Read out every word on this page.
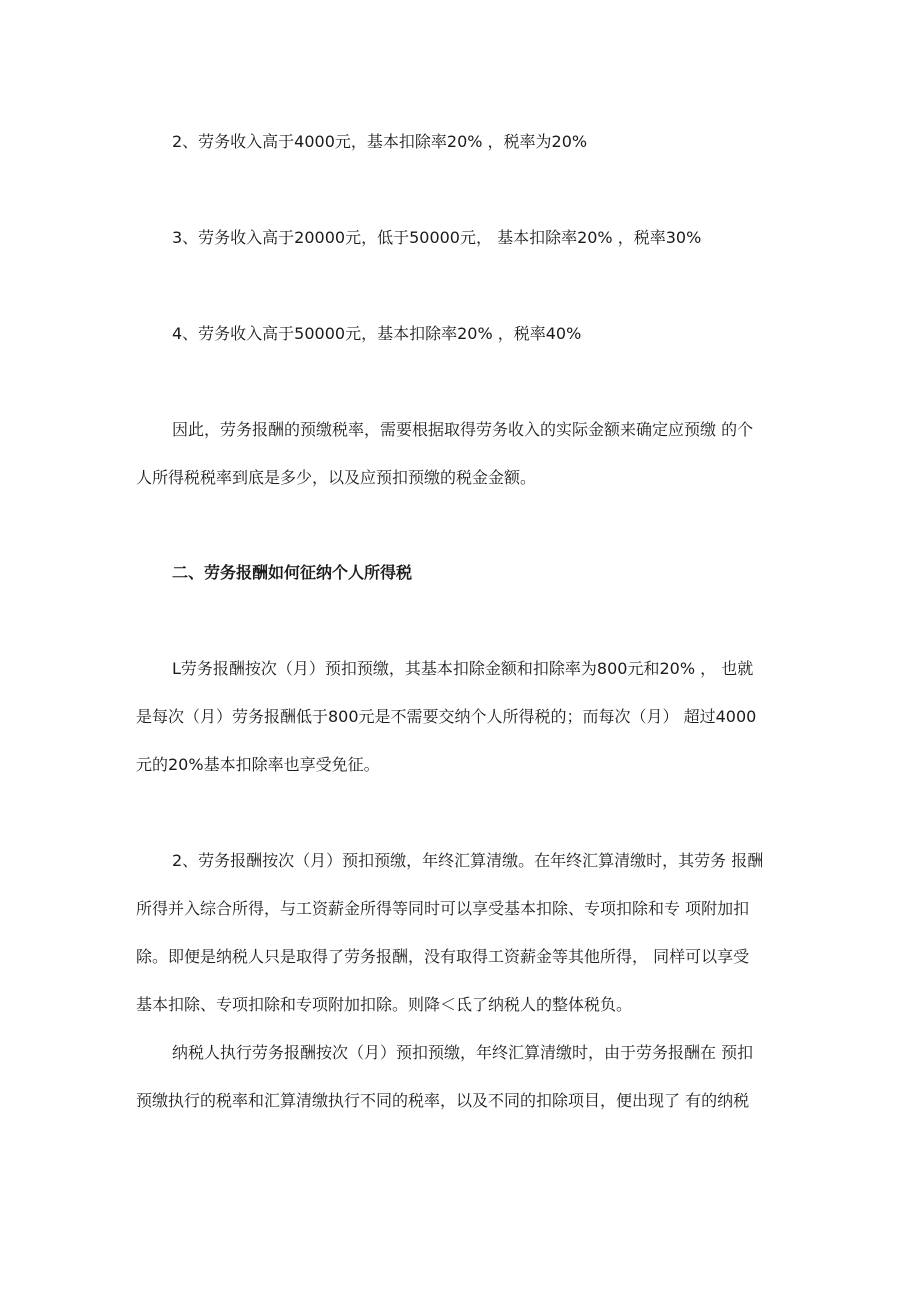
2、劳务收入高于4000元，基本扣除率20% ，税率为20%
3、劳务收入高于20000元，低于50000元， 基本扣除率20% ，税率30%
4、劳务收入高于50000元，基本扣除率20% ，税率40%
因此，劳务报酬的预缴税率，需要根据取得劳务收入的实际金额来确定应预缴 的个
人所得税税率到底是多少，以及应预扣预缴的税金金额。
二、劳务报酬如何征纳个人所得税
L劳务报酬按次（月）预扣预缴，其基本扣除金额和扣除率为800元和20% ， 也就
是每次（月）劳务报酬低于800元是不需要交纳个人所得税的；而每次（月） 超过4000
元的20%基本扣除率也享受免征。
2、劳务报酬按次（月）预扣预缴，年终汇算清缴。在年终汇算清缴时，其劳务 报酬
所得并入综合所得，与工资薪金所得等同时可以享受基本扣除、专项扣除和专 项附加扣
除。即便是纳税人只是取得了劳务报酬，没有取得工资薪金等其他所得， 同样可以享受
基本扣除、专项扣除和专项附加扣除。则降＜氐了纳税人的整体税负。
纳税人执行劳务报酬按次（月）预扣预缴，年终汇算清缴时，由于劳务报酬在 预扣
预缴执行的税率和汇算清缴执行不同的税率，以及不同的扣除项目，便出现了 有的纳税
